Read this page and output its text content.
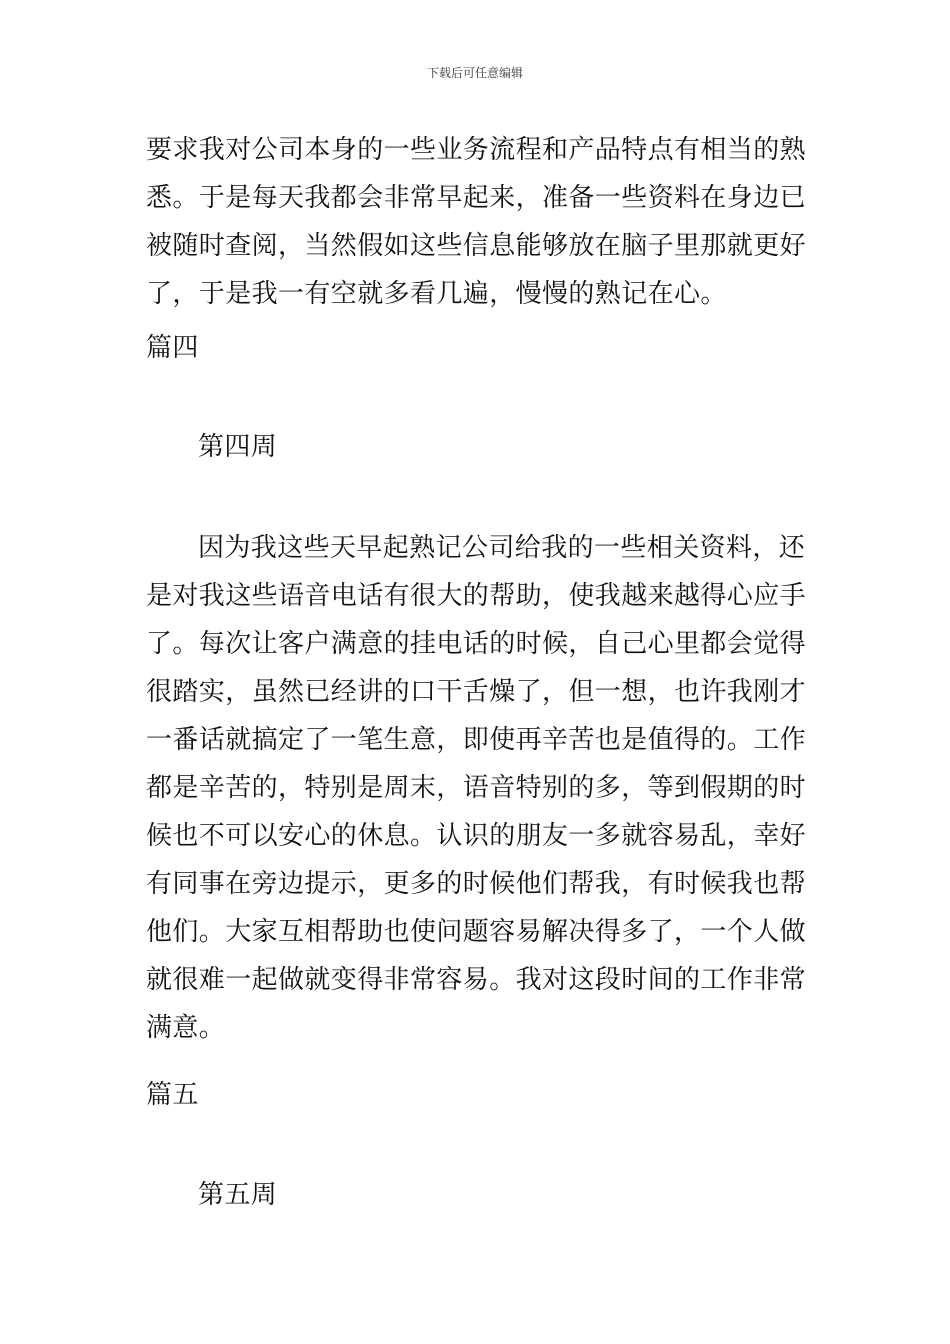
下载后可任意编辑
要求我对公司本身的一些业务流程和产品特点有相当的熟
悉。于是每天我都会非常早起来，准备一些资料在身边已
被随时查阅，当然假如这些信息能够放在脑子里那就更好
了，于是我一有空就多看几遍，慢慢的熟记在心。
篇四
第四周
因为我这些天早起熟记公司给我的一些相关资料，还
是对我这些语音电话有很大的帮助，使我越来越得心应手
了。每次让客户满意的挂电话的时候，自己心里都会觉得
很踏实，虽然已经讲的口干舌燥了，但一想，也许我刚才
一番话就搞定了一笔生意，即使再辛苦也是值得的。工作
都是辛苦的，特别是周末，语音特别的多，等到假期的时
候也不可以安心的休息。认识的朋友一多就容易乱，幸好
有同事在旁边提示，更多的时候他们帮我，有时候我也帮
他们。大家互相帮助也使问题容易解决得多了，一个人做
就很难一起做就变得非常容易。我对这段时间的工作非常
满意。
篇五
第五周
